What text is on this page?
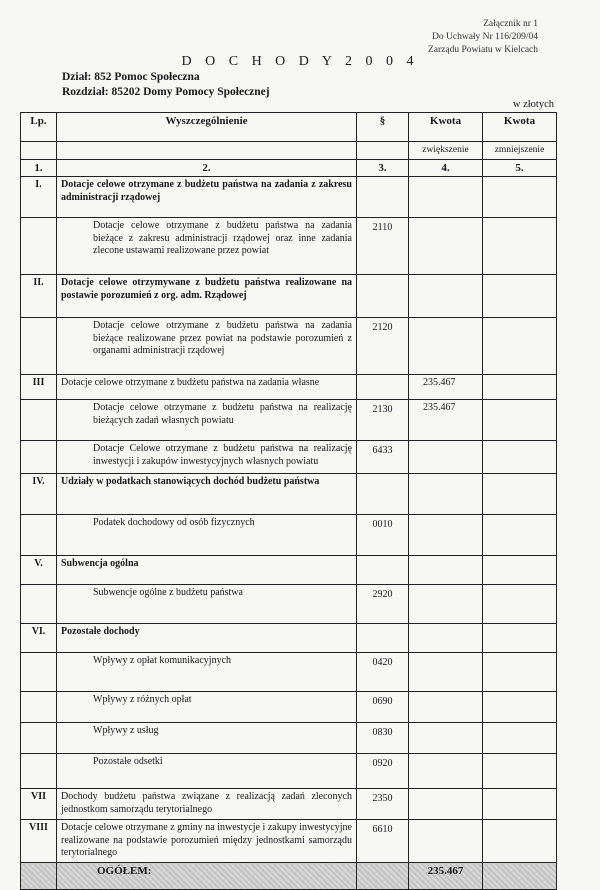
Załącznik nr 1
Do Uchwały Nr 116/209/04
Zarządu Powiatu w Kielcach
D O C H O D Y 2 0 0 4
Dział: 852 Pomoc Społeczna
Rozdział: 85202 Domy Pomocy Społecznej
w złotych
Lp.	Wyszczególnienie	§	Kwota	Kwota
			zwiększenie	zmniejszenie
1.	2.	3.	4.	5.
I.	Dotacje celowe otrzymane z budżetu państwa na zadania z zakresu administracji rządowej			
	Dotacje celowe otrzymane z budżetu państwa na zadania bieżące z zakresu administracji rządowej oraz inne zadania zlecone ustawami realizowane przez powiat	2110		
II.	Dotacje celowe otrzymywane z budżetu państwa realizowane na postawie porozumień z org. adm. Rządowej			
	Dotacje celowe otrzymane z budżetu państwa na zadania bieżące realizowane przez powiat na podstawie porozumień z organami administracji rządowej	2120		
III	Dotacje celowe otrzymane z budżetu państwa na zadania własne		235.467	
	Dotacje celowe otrzymane z budżetu państwa na realizację bieżących zadań własnych powiatu	2130	235.467	
	Dotacje Celowe otrzymane z budżetu państwa na realizację inwestycji i zakupów inwestycyjnych własnych powiatu	6433		
IV.	Udziały w podatkach stanowiących dochód budżetu państwa			
	Podatek dochodowy od osób fizycznych	0010		
V.	Subwencja ogólna			
	Subwencje ogólne z budżetu państwa	2920		
VI.	Pozostałe dochody			
	Wpływy z opłat komunikacyjnych	0420		
	Wpływy z różnych opłat	0690		
	Wpływy z usług	0830		
	Pozostałe odsetki	0920		
VII	Dochody budżetu państwa związane z realizacją zadań zleconych jednostkom samorządu terytorialnego	2350		
VIII	Dotacje celowe otrzymane z gminy na inwestycje i zakupy inwestycyjne realizowane na podstawie porozumień między jednostkami samorządu terytorialnego	6610		
	OGÓŁEM:		235.467	
